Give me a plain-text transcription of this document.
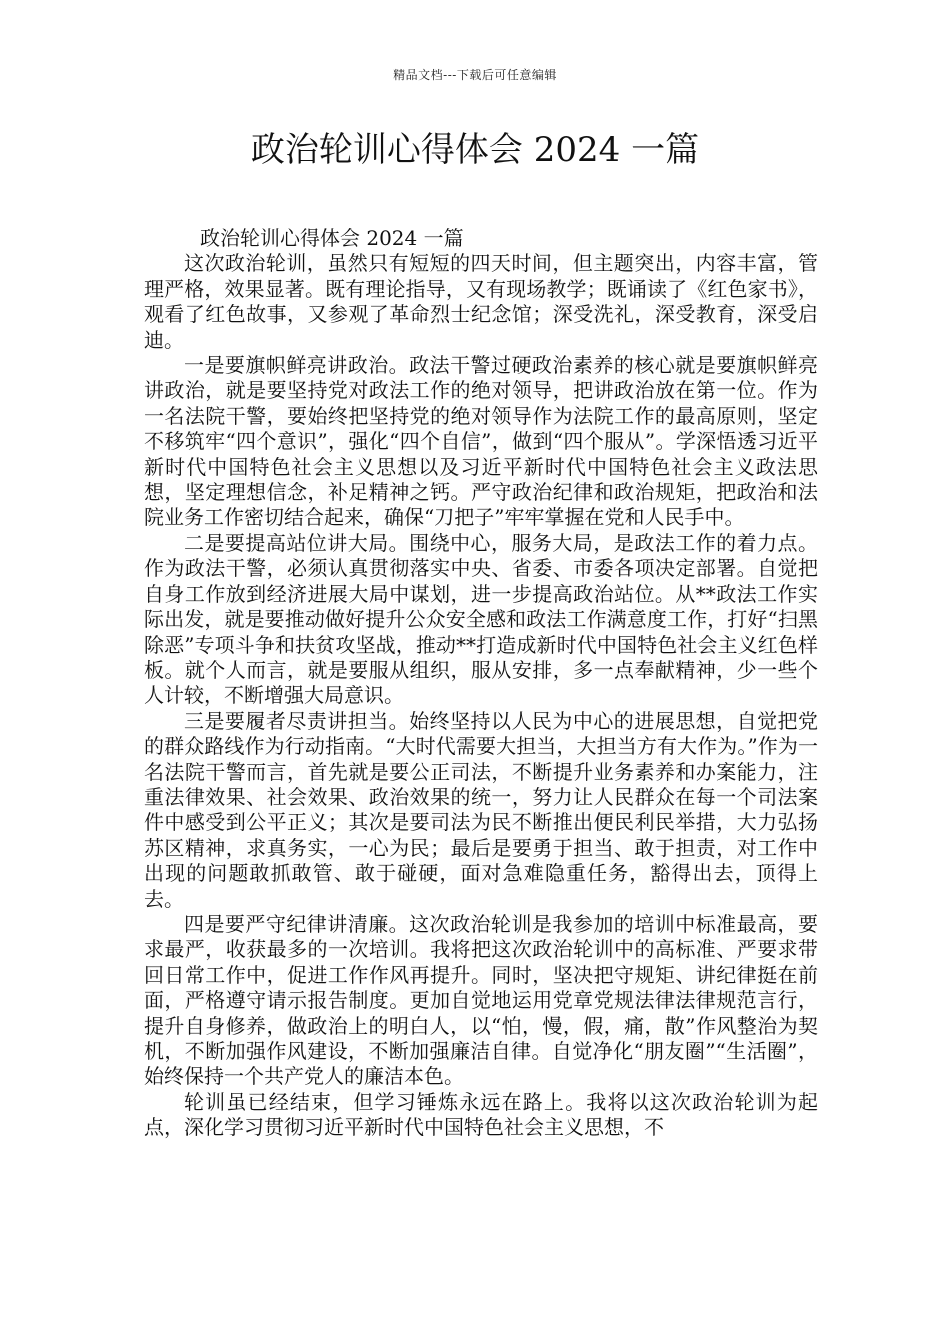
精品文档---下载后可任意编辑
政治轮训心得体会 2024 一篇

政治轮训心得体会 2024 一篇

这次政治轮训，虽然只有短短的四天时间，但主题突出，内容丰富，管理严格，效果显著。既有理论指导，又有现场教学；既诵读了《红色家书》，观看了红色故事，又参观了革命烈士纪念馆；深受洗礼，深受教育，深受启迪。

一是要旗帜鲜亮讲政治。政法干警过硬政治素养的核心就是要旗帜鲜亮讲政治，就是要坚持党对政法工作的绝对领导，把讲政治放在第一位。作为一名法院干警，要始终把坚持党的绝对领导作为法院工作的最高原则，坚定不移筑牢“四个意识”，强化“四个自信”，做到“四个服从”。学深悟透习近平新时代中国特色社会主义思想以及习近平新时代中国特色社会主义政法思想，坚定理想信念，补足精神之钙。严守政治纪律和政治规矩，把政治和法院业务工作密切结合起来，确保“刀把子”牢牢掌握在党和人民手中。

二是要提高站位讲大局。围绕中心，服务大局，是政法工作的着力点。作为政法干警，必须认真贯彻落实中央、省委、市委各项决定部署。自觉把自身工作放到经济进展大局中谋划，进一步提高政治站位。从**政法工作实际出发，就是要推动做好提升公众安全感和政法工作满意度工作，打好“扫黑除恶”专项斗争和扶贫攻坚战，推动**打造成新时代中国特色社会主义红色样板。就个人而言，就是要服从组织，服从安排，多一点奉献精神，少一些个人计较，不断增强大局意识。

三是要履者尽责讲担当。始终坚持以人民为中心的进展思想，自觉把党的群众路线作为行动指南。“大时代需要大担当，大担当方有大作为。”作为一名法院干警而言，首先就是要公正司法，不断提升业务素养和办案能力，注重法律效果、社会效果、政治效果的统一，努力让人民群众在每一个司法案件中感受到公平正义；其次是要司法为民不断推出便民利民举措，大力弘扬苏区精神，求真务实，一心为民；最后是要勇于担当、敢于担责，对工作中出现的问题敢抓敢管、敢于碰硬，面对急难隐重任务，豁得出去，顶得上去。

四是要严守纪律讲清廉。这次政治轮训是我参加的培训中标准最高，要求最严，收获最多的一次培训。我将把这次政治轮训中的高标准、严要求带回日常工作中，促进工作作风再提升。同时，坚决把守规矩、讲纪律挺在前面，严格遵守请示报告制度。更加自觉地运用党章党规法律法律规范言行，提升自身修养，做政治上的明白人，以“怕，慢，假，痛，散”作风整治为契机，不断加强作风建设，不断加强廉洁自律。自觉净化“朋友圈”“生活圈”，始终保持一个共产党人的廉洁本色。

轮训虽已经结束，但学习锤炼永远在路上。我将以这次政治轮训为起点，深化学习贯彻习近平新时代中国特色社会主义思想，不
